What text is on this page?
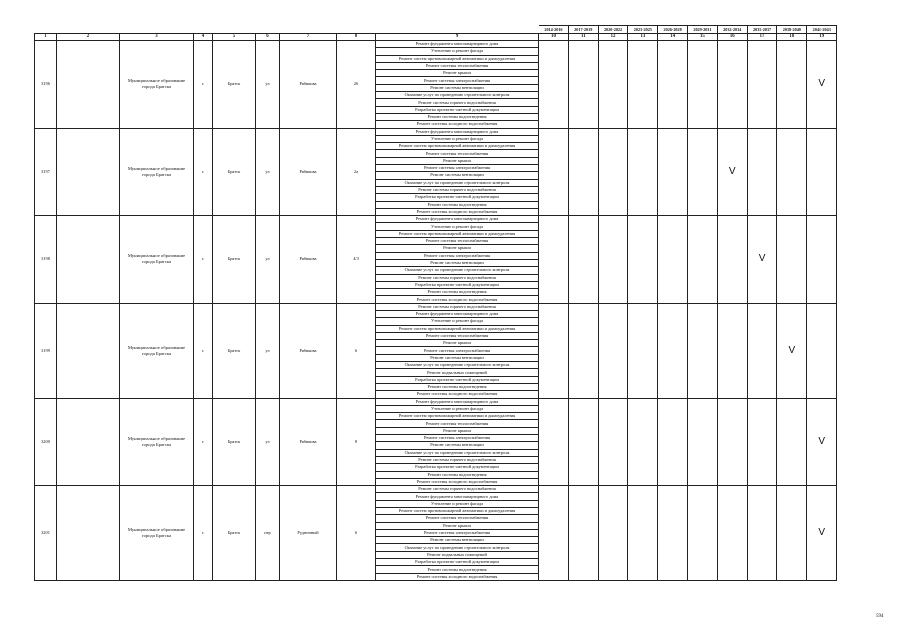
									2014-2016	2017-2019	2020-2022	2023-2025	2026-2028	2029-2031	2032-2034	2035-2037	2038-2040	2041-2043
1	2	3	4	5	6	7	8	9	10	11	12	13	14	15	16	17	18	19
3196		Муниципальное образование города Братска	г.	Братск	ул	Рябикова	26	Ремонт фундамента многоквартирного дома										V
								Утепление и ремонт фасада										
								Ремонт систем противопожарной автоматики и дымоудаления										
								Ремонт системы теплоснабжения										
								Ремонт крыши										
								Ремонт системы электроснабжения										
								Ремонт системы вентиляции										
								Оказание услуг по проведению строительного контроля										
								Ремонт системы горячего водоснабжения										
								Разработка проектно-сметной документации										
								Ремонт системы водоотведения										
								Ремонт системы холодного водоснабжения										
3197		Муниципальное образование города Братска	г.	Братск	ул	Рябикова	2а	Ремонт фундамента многоквартирного дома							V			
								Утепление и ремонт фасада										
								Ремонт систем противопожарной автоматики и дымоудаления										
								Ремонт системы теплоснабжения										
								Ремонт крыши										
								Ремонт системы электроснабжения										
								Ремонт системы вентиляции										
								Оказание услуг по проведению строительного контроля										
								Ремонт системы горячего водоснабжения										
								Разработка проектно-сметной документации										
								Ремонт системы водоотведения										
								Ремонт системы холодного водоснабжения										
3198		Муниципальное образование города Братска	г.	Братск	ул	Рябикова	4/3	Ремонт фундамента многоквартирного дома								V		
								Утепление и ремонт фасада										
								Ремонт систем противопожарной автоматики и дымоудаления										
								Ремонт системы теплоснабжения										
								Ремонт крыши										
								Ремонт системы электроснабжения										
								Ремонт системы вентиляции										
								Оказание услуг по проведению строительного контроля										
								Ремонт системы горячего водоснабжения										
								Разработка проектно-сметной документации										
								Ремонт системы водоотведения										
								Ремонт системы холодного водоснабжения										
3199		Муниципальное образование города Братска	г.	Братск	ул	Рябикова	6	Ремонт системы горячего водоснабжения									V	
								Ремонт фундамента многоквартирного дома										
								Утепление и ремонт фасада										
								Ремонт систем противопожарной автоматики и дымоудаления										
								Ремонт системы теплоснабжения										
								Ремонт крыши										
								Ремонт системы электроснабжения										
								Ремонт системы вентиляции										
								Оказание услуг по проведению строительного контроля										
								Ремонт подвальных помещений										
								Разработка проектно-сметной документации										
								Ремонт системы водоотведения										
								Ремонт системы холодного водоснабжения										
3200		Муниципальное образование города Братска	г.	Братск	ул	Рябикова	8	Ремонт фундамента многоквартирного дома										V
								Утепление и ремонт фасада										
								Ремонт систем противопожарной автоматики и дымоудаления										
								Ремонт системы теплоснабжения										
								Ремонт крыши										
								Ремонт системы электроснабжения										
								Ремонт системы вентиляции										
								Оказание услуг по проведению строительного контроля										
								Ремонт системы горячего водоснабжения										
								Разработка проектно-сметной документации										
								Ремонт системы водоотведения										
								Ремонт системы холодного водоснабжения										
3201		Муниципальное образование города Братска	г.	Братск	пер	Рудничный	6	Ремонт системы горячего водоснабжения										V
								Ремонт фундамента многоквартирного дома										
								Утепление и ремонт фасада										
								Ремонт систем противопожарной автоматики и дымоудаления										
								Ремонт системы теплоснабжения										
								Ремонт крыши										
								Ремонт системы электроснабжения										
								Ремонт системы вентиляции										
								Оказание услуг по проведению строительного контроля										
								Ремонт подвальных помещений										
								Разработка проектно-сметной документации										
								Ремонт системы водоотведения										
								Ремонт системы холодного водоснабжения										
594
